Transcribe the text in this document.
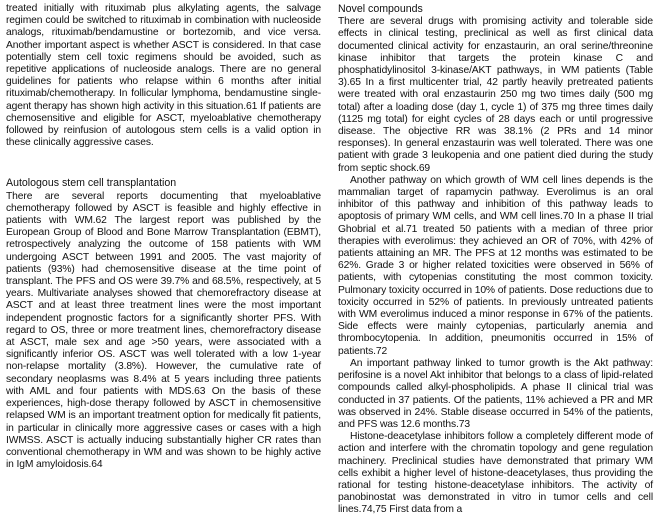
treated initially with rituximab plus alkylating agents, the salvage regimen could be switched to rituximab in combination with nucleoside analogs, rituximab/bendamustine or bortezomib, and vice versa. Another important aspect is whether ASCT is considered. In that case potentially stem cell toxic regimens should be avoided, such as repetitive applications of nucleoside analogs. There are no general guidelines for patients who relapse within 6 months after initial rituximab/chemotherapy. In follicular lymphoma, bendamustine single-agent therapy has shown high activity in this situation.61 If patients are chemosensitive and eligible for ASCT, myeloablative chemotherapy followed by reinfusion of autologous stem cells is a valid option in these clinically aggressive cases.

Autologous stem cell transplantation

There are several reports documenting that myeloablative chemotherapy followed by ASCT is feasible and highly effective in patients with WM.62 The largest report was published by the European Group of Blood and Bone Marrow Transplantation (EBMT), retrospectively analyzing the outcome of 158 patients with WM undergoing ASCT between 1991 and 2005. The vast majority of patients (93%) had chemosensitive disease at the time point of transplant. The PFS and OS were 39.7% and 68.5%, respectively, at 5 years. Multivariate analyses showed that chemorefractory disease at ASCT and at least three treatment lines were the most important independent prognostic factors for a significantly shorter PFS. With regard to OS, three or more treatment lines, chemorefractory disease at ASCT, male sex and age >50 years, were associated with a significantly inferior OS. ASCT was well tolerated with a low 1-year non-relapse mortality (3.8%). However, the cumulative rate of secondary neoplasms was 8.4% at 5 years including three patients with AML and four patients with MDS.63 On the basis of these experiences, high-dose therapy followed by ASCT in chemosensitive relapsed WM is an important treatment option for medically fit patients, in particular in clinically more aggressive cases or cases with a high IWMSS. ASCT is actually inducing substantially higher CR rates than conventional chemotherapy in WM and was shown to be highly active in IgM amyloidosis.64

Novel compounds

There are several drugs with promising activity and tolerable side effects in clinical testing, preclinical as well as first clinical data documented clinical activity for enzastaurin, an oral serine/threonine kinase inhibitor that targets the protein kinase C and phosphatidylinositol 3-kinase/AKT pathways, in WM patients (Table 3).65 In a first multicenter trial, 42 partly heavily pretreated patients were treated with oral enzastaurin 250 mg two times daily (500 mg total) after a loading dose (day 1, cycle 1) of 375 mg three times daily (1125 mg total) for eight cycles of 28 days each or until progressive disease. The objective RR was 38.1% (2 PRs and 14 minor responses). In general enzastaurin was well tolerated. There was one patient with grade 3 leukopenia and one patient died during the study from septic shock.69

Another pathway on which growth of WM cell lines depends is the mammalian target of rapamycin pathway. Everolimus is an oral inhibitor of this pathway and inhibition of this pathway leads to apoptosis of primary WM cells, and WM cell lines.70 In a phase II trial Ghobrial et al.71 treated 50 patients with a median of three prior therapies with everolimus: they achieved an OR of 70%, with 42% of patients attaining an MR. The PFS at 12 months was estimated to be 62%. Grade 3 or higher related toxicities were observed in 56% of patients, with cytopenias constituting the most common toxicity. Pulmonary toxicity occurred in 10% of patients. Dose reductions due to toxicity occurred in 52% of patients. In previously untreated patients with WM everolimus induced a minor response in 67% of the patients. Side effects were mainly cytopenias, particularly anemia and thrombocytopenia. In addition, pneumonitis occurred in 15% of patients.72

An important pathway linked to tumor growth is the Akt pathway: perifosine is a novel Akt inhibitor that belongs to a class of lipid-related compounds called alkyl-phospholipids. A phase II clinical trial was conducted in 37 patients. Of the patients, 11% achieved a PR and MR was observed in 24%. Stable disease occurred in 54% of the patients, and PFS was 12.6 months.73

Histone-deacetylase inhibitors follow a completely different mode of action and interfere with the chromatin topology and gene regulation machinery. Preclinical studies have demonstrated that primary WM cells exhibit a higher level of histone-deacetylases, thus providing the rational for testing histone-deacetylase inhibitors. The activity of panobinostat was demonstrated in vitro in tumor cells and cell lines.74,75 First data from a
